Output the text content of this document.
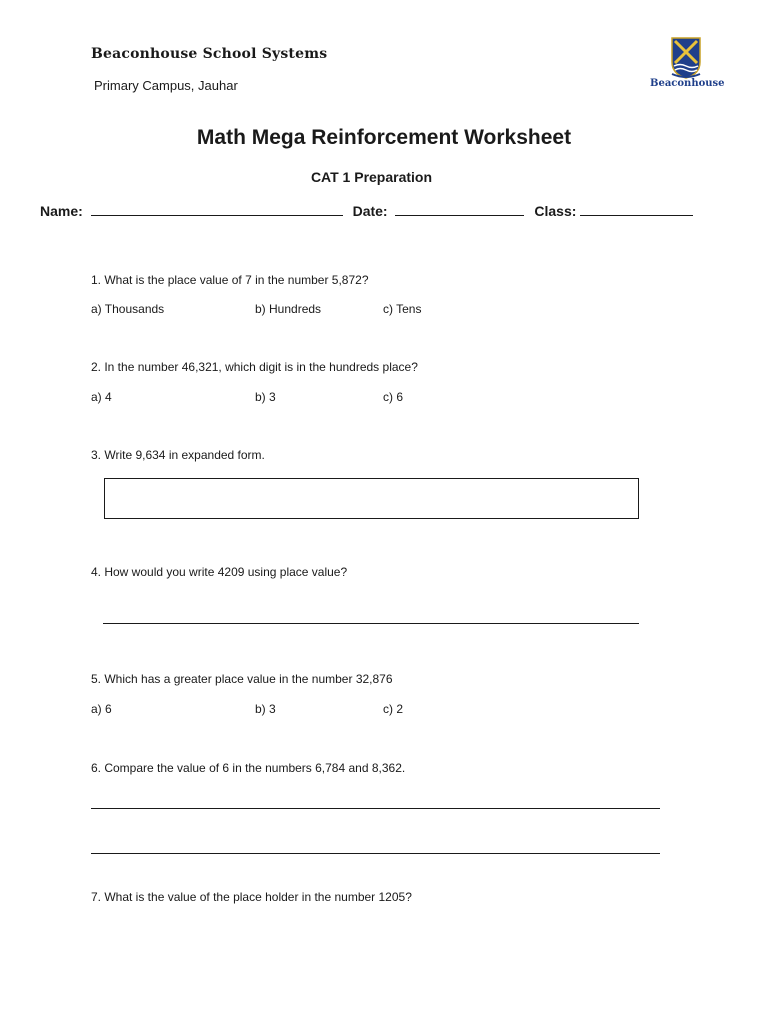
Beaconhouse School Systems
Primary Campus, Jauhar	Beaconhouse
Math Mega Reinforcement Worksheet
CAT 1 Preparation
Name:	Date:	Class:
1. What is the place value of 7 in the number 5,872?
a) Thousands	b) Hundreds	c) Tens
2. In the number 46,321, which digit is in the hundreds place?
a) 4	b) 3	c) 6
3. Write 9,634 in expanded form.
4. How would you write 4209 using place value?
5. Which has a greater place value in the number 32,876
a) 6	b) 3	c) 2
6. Compare the value of 6 in the numbers 6,784 and 8,362.
7. What is the value of the place holder in the number 1205?
